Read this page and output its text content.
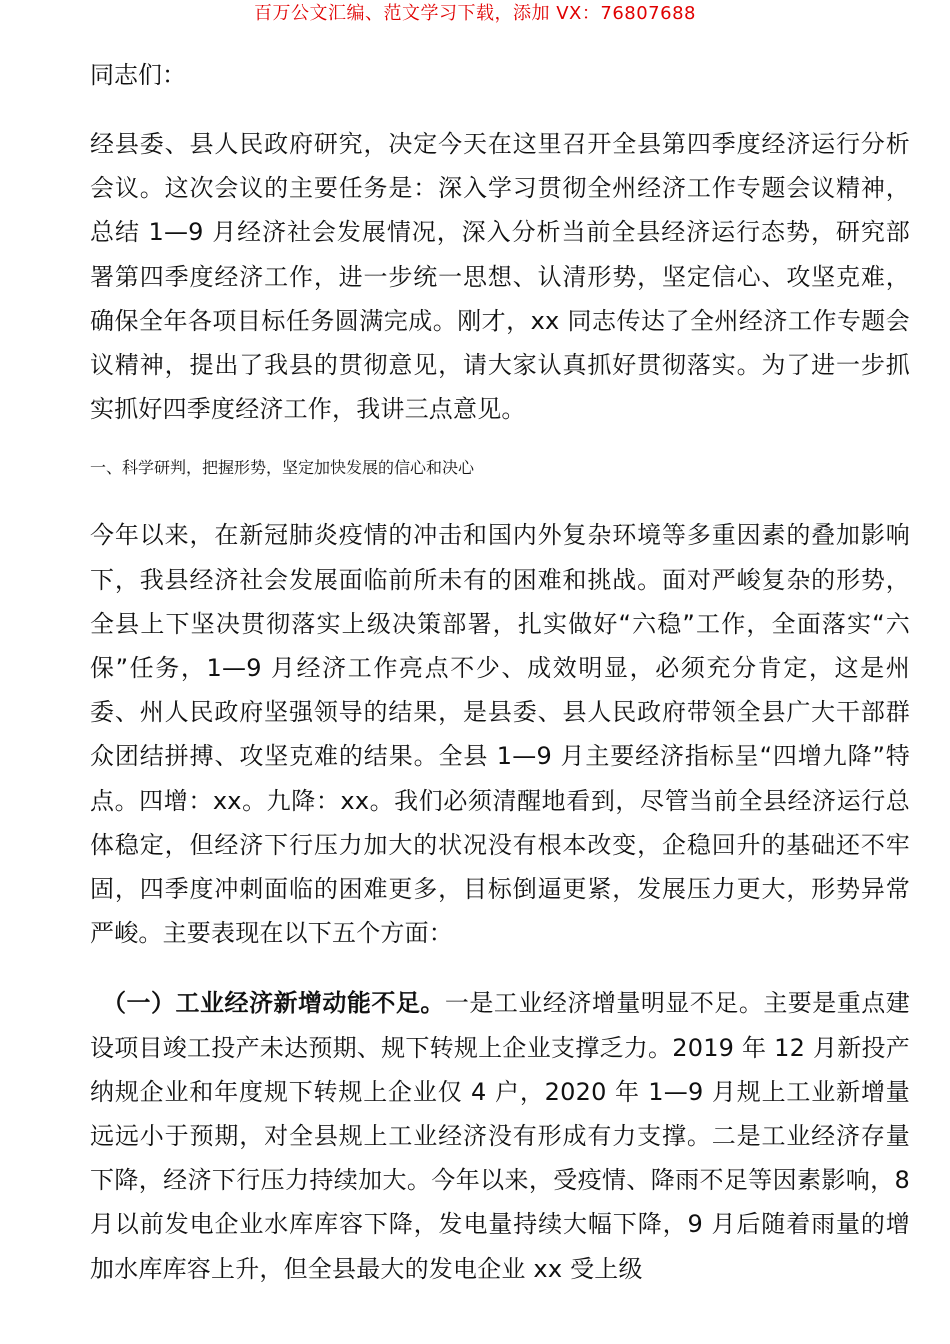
百万公文汇编、范文学习下载，添加 VX：76807688

同志们：

经县委、县人民政府研究，决定今天在这里召开全县第四季度经济运行分析会议。这次会议的主要任务是：深入学习贯彻全州经济工作专题会议精神，总结 1—9 月经济社会发展情况，深入分析当前全县经济运行态势，研究部署第四季度经济工作，进一步统一思想、认清形势，坚定信心、攻坚克难，确保全年各项目标任务圆满完成。刚才，xx 同志传达了全州经济工作专题会议精神，提出了我县的贯彻意见，请大家认真抓好贯彻落实。为了进一步抓实抓好四季度经济工作，我讲三点意见。

一、科学研判，把握形势，坚定加快发展的信心和决心

今年以来，在新冠肺炎疫情的冲击和国内外复杂环境等多重因素的叠加影响下，我县经济社会发展面临前所未有的困难和挑战。面对严峻复杂的形势，全县上下坚决贯彻落实上级决策部署，扎实做好“六稳”工作，全面落实“六保”任务，1—9 月经济工作亮点不少、成效明显，必须充分肯定，这是州委、州人民政府坚强领导的结果，是县委、县人民政府带领全县广大干部群众团结拼搏、攻坚克难的结果。全县 1—9 月主要经济指标呈“四增九降”特点。四增：xx。九降：xx。我们必须清醒地看到，尽管当前全县经济运行总体稳定，但经济下行压力加大的状况没有根本改变，企稳回升的基础还不牢固，四季度冲刺面临的困难更多，目标倒逼更紧，发展压力更大，形势异常严峻。主要表现在以下五个方面：

（一）工业经济新增动能不足。一是工业经济增量明显不足。主要是重点建设项目竣工投产未达预期、规下转规上企业支撑乏力。2019 年 12 月新投产纳规企业和年度规下转规上企业仅 4 户，2020 年 1—9 月规上工业新增量远远小于预期，对全县规上工业经济没有形成有力支撑。二是工业经济存量下降，经济下行压力持续加大。今年以来，受疫情、降雨不足等因素影响，8 月以前发电企业水库库容下降，发电量持续大幅下降，9 月后随着雨量的增加水库库容上升，但全县最大的发电企业 xx 受上级
